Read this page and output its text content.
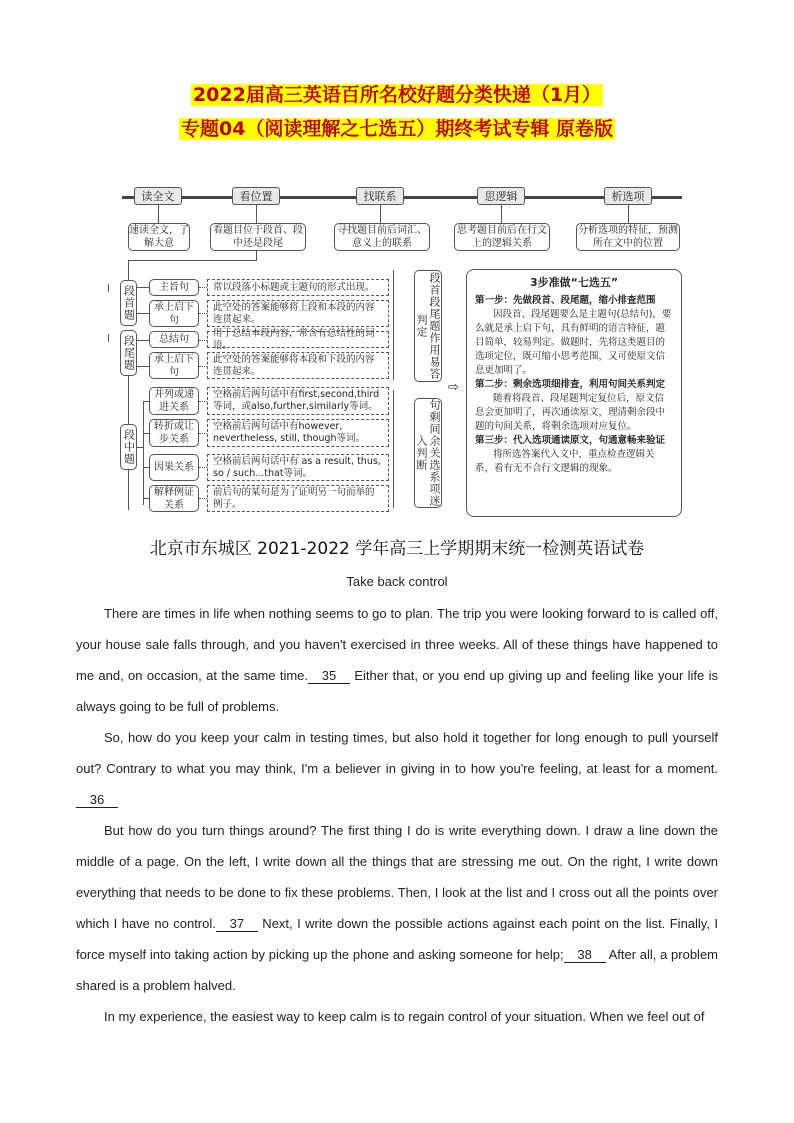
2022届高三英语百所名校好题分类快递（1月）
专题04（阅读理解之七选五）期终考试专辑 原卷版
读全文	看位置	找联系	思逻辑	析选项
速读全文，了解大意
看题目位于段首、段中还是段尾
寻找题目前后词汇、意义上的联系
思考题目前后在行文上的逻辑关系
分析选项的特征，预测所在文中的位置
段首题
段尾题
段中题
主旨句
承上启下句
总结句
承上启下句
并列或递进关系
转折或让步关系
因果关系
解释例证关系
常以段落小标题或主题句的形式出现。
此空处的答案能够将上段和本段的内容连贯起来。
用于总结本段内容，常含有总结性的词语。
此空处的答案能够将本段和下段的内容连贯起来。
空格前后两句话中有first,second,third等词，或also,further,similarly等词。
空格前后两句话中有however, nevertheless, still, though等词。
空格前后两句话中有 as a result, thus, so / such...that等词。
前后句的某句是为了证明另一句而举的例子。
段首段尾题作用易答判定
句剩间余关选系项迷入判断
⇨
3步准做“七选五”

第一步：先做段首、段尾题，缩小排查范围

因段首、段尾题要么是主题句(总结句)，要么就是承上启下句，具有鲜明的语言特征，题目简单，较易判定。做题时，先将这类题目的选项定位，既可缩小思考范围，又可使原文信息更加明了。

第二步：剩余选项细排查，利用句间关系判定

随着将段首、段尾题判定复位后，原文信息会更加明了，再次通读原文，理清剩余段中题的句间关系，将剩余选项对应复位。

第三步：代入选项通读原文，句通意畅来验证

将所选答案代入文中，重点检查逻辑关系，看有无不合行文逻辑的现象。

北京市东城区 2021-2022 学年高三上学期期末统一检测英语试卷
Take back control

There are times in life when nothing seems to go to plan. The trip you were looking forward to is called off, your house sale falls through, and you haven't exercised in three weeks. All of these things have happened to me and, on occasion, at the same time. 35 Either that, or you end up giving up and feeling like your life is always going to be full of problems.

So, how do you keep your calm in testing times, but also hold it together for long enough to pull yourself out? Contrary to what you may think, I'm a believer in giving in to how you're feeling, at least for a moment.36

But how do you turn things around? The first thing I do is write everything down. I draw a line down the middle of a page. On the left, I write down all the things that are stressing me out. On the right, I write down everything that needs to be done to fix these problems. Then, I look at the list and I cross out all the points over which I have no control. 37 Next, I write down the possible actions against each point on the list. Finally, I force myself into taking action by picking up the phone and asking someone for help; 38 After all, a problem shared is a problem halved.

In my experience, the easiest way to keep calm is to regain control of your situation. When we feel out of
